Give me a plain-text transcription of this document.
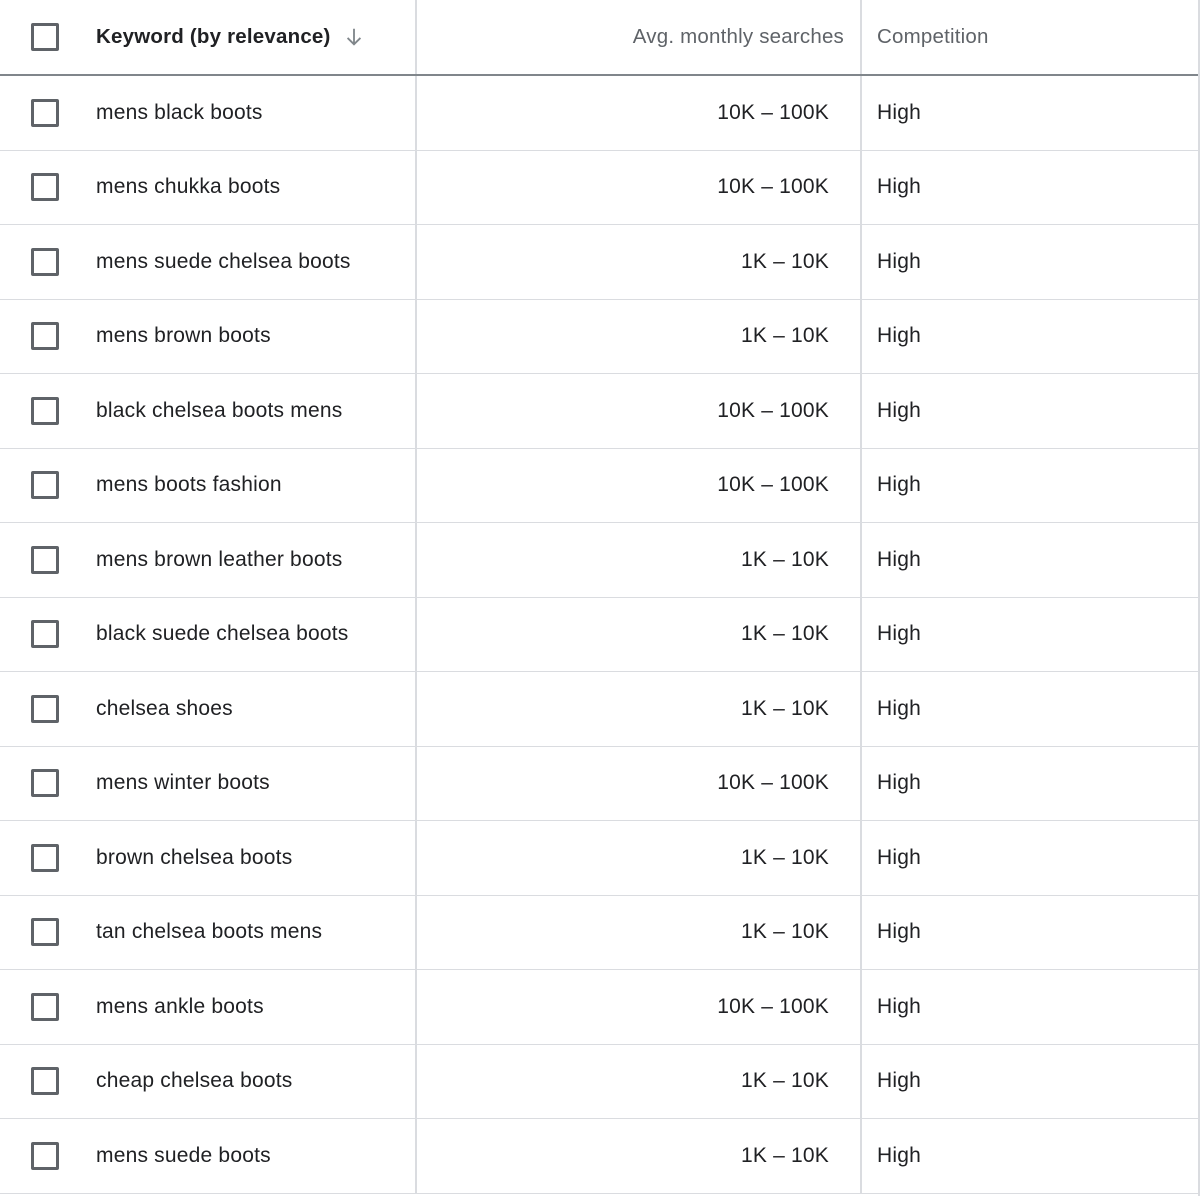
Keyword (by relevance)	Avg. monthly searches Competition
mens black boots	10K – 100K High
mens chukka boots	10K – 100K High
mens suede chelsea boots	1K – 10K High
mens brown boots	1K – 10K High
black chelsea boots mens	10K – 100K High
mens boots fashion	10K – 100K High
mens brown leather boots	1K – 10K High
black suede chelsea boots	1K – 10K High
chelsea shoes	1K – 10K High
mens winter boots	10K – 100K High
brown chelsea boots	1K – 10K High
tan chelsea boots mens	1K – 10K High
mens ankle boots	10K – 100K High
cheap chelsea boots	1K – 10K High
mens suede boots	1K – 10K High
